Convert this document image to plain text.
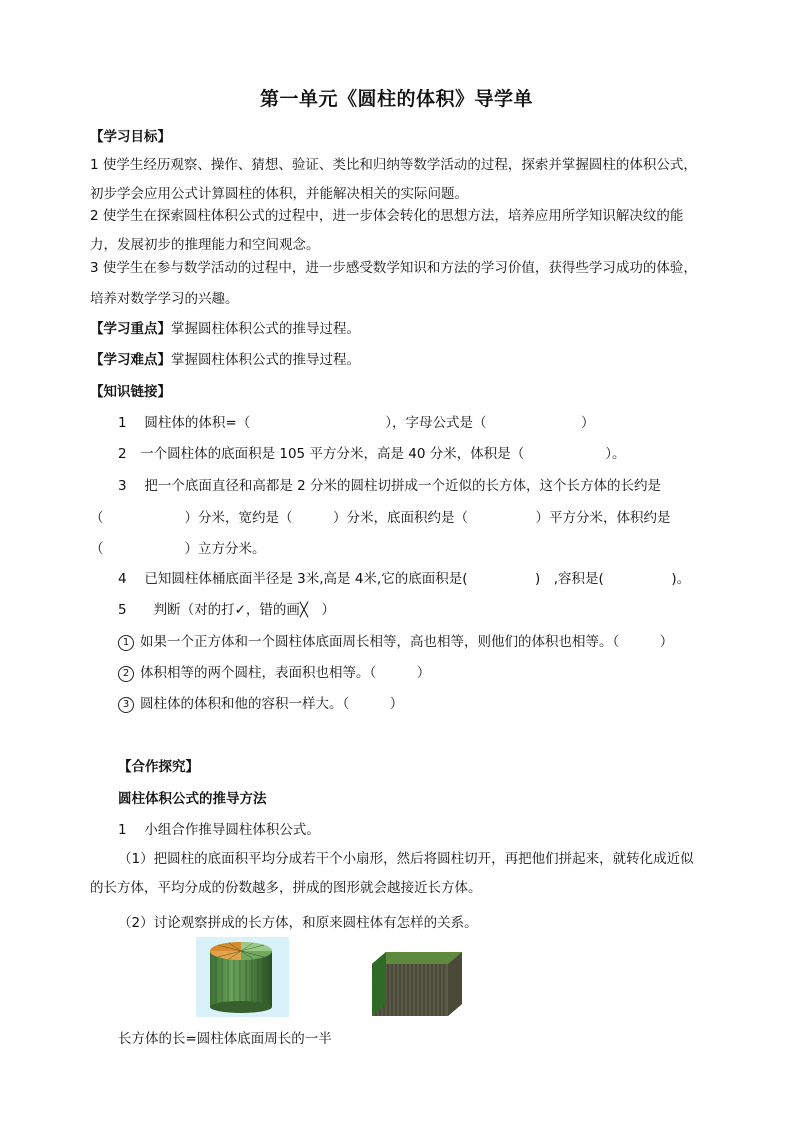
第一单元《圆柱的体积》导学单
【学习目标】
1 使学生经历观察、操作、猜想、验证、类比和归纳等数学活动的过程，探索并掌握圆柱的体积公式，初步学会应用公式计算圆柱的体积，并能解决相关的实际问题。
2 使学生在探索圆柱体积公式的过程中，进一步体会转化的思想方法，培养应用所学知识解决纹的能力，发展初步的推理能力和空间观念。
3 使学生在参与数学活动的过程中，进一步感受数学知识和方法的学习价值，获得些学习成功的体验，培养对数学学习的兴趣。
【学习重点】掌握圆柱体积公式的推导过程。
【学习难点】掌握圆柱体积公式的推导过程。
【知识链接】
1　 圆柱体的体积=（　　　　　　　　　　），字母公式是（　　　　　　　）
2　一个圆柱体的底面积是 105 平方分米，高是 40 分米，体积是（　　　　　　）。
3　 把一个底面直径和高都是 2 分米的圆柱切拼成一个近似的长方体，这个长方体的长约是
（　　　　　　）分米，宽约是（　　　）分米，底面积约是（　　　　　）平方分米，体积约是
（　　　　　　）立方分米。
4　 已知圆柱体桶底面半径是 3米,高是 4米,它的底面积是(　　　　　)　,容积是(　　　　　)。
5　　判断（对的打✓，错的画╳　）
1 如果一个正方体和一个圆柱体底面周长相等，高也相等，则他们的体积也相等。（　　　）
2 体积相等的两个圆柱，表面积也相等。（　　　）
3 圆柱体的体积和他的容积一样大。（　　　）
【合作探究】
圆柱体积公式的推导方法
1　 小组合作推导圆柱体积公式。
（1）把圆柱的底面积平均分成若干个小扇形，然后将圆柱切开，再把他们拼起来，就转化成近似的长方体，平均分成的份数越多，拼成的图形就会越接近长方体。
（2）讨论观察拼成的长方体，和原来圆柱体有怎样的关系。
长方体的长=圆柱体底面周长的一半
